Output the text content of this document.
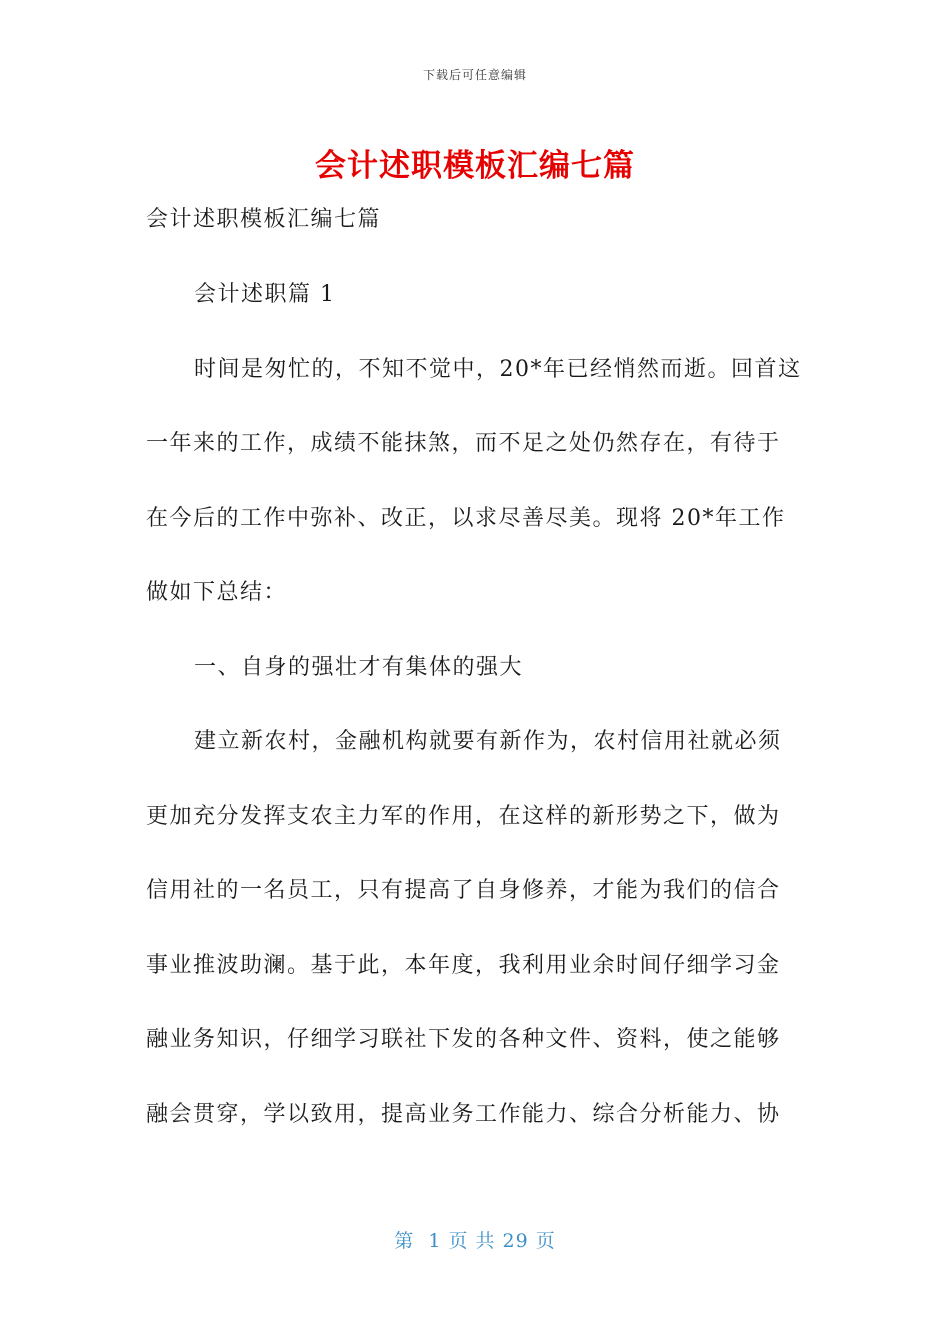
下载后可任意编辑
会计述职模板汇编七篇
会计述职模板汇编七篇
会计述职篇 1
时间是匆忙的，不知不觉中，20*年已经悄然而逝。回首这
一年来的工作，成绩不能抹煞，而不足之处仍然存在，有待于
在今后的工作中弥补、改正，以求尽善尽美。现将 20*年工作
做如下总结：
一、自身的强壮才有集体的强大
建立新农村，金融机构就要有新作为，农村信用社就必须
更加充分发挥支农主力军的作用，在这样的新形势之下，做为
信用社的一名员工，只有提高了自身修养，才能为我们的信合
事业推波助澜。基于此，本年度，我利用业余时间仔细学习金
融业务知识，仔细学习联社下发的各种文件、资料，使之能够
融会贯穿，学以致用，提高业务工作能力、综合分析能力、协
第  1 页 共 29 页
